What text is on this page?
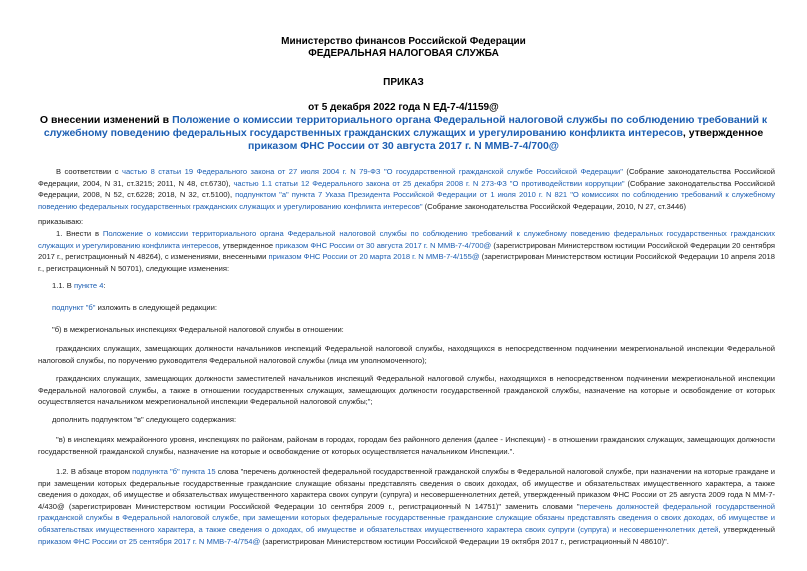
Министерство финансов Российской Федерации
ФЕДЕРАЛЬНАЯ НАЛОГОВАЯ СЛУЖБА
ПРИКАЗ
от 5 декабря 2022 года N ЕД-7-4/1159@
О внесении изменений в Положение о комиссии территориального органа Федеральной налоговой службы по соблюдению требований к служебному поведению федеральных государственных гражданских служащих и урегулированию конфликта интересов, утвержденное приказом ФНС России от 30 августа 2017 г. N ММВ-7-4/700@
В соответствии с частью 8 статьи 19 Федерального закона от 27 июля 2004 г. N 79-ФЗ "О государственной гражданской службе Российской Федерации" (Собрание законодательства Российской Федерации, 2004, N 31, ст.3215; 2011, N 48, ст.6730), частью 1.1 статьи 12 Федерального закона от 25 декабря 2008 г. N 273-ФЗ "О противодействии коррупции" (Собрание законодательства Российской Федерации, 2008, N 52, ст.6228; 2018, N 32, ст.5100), подпунктом "а" пункта 7 Указа Президента Российской Федерации от 1 июля 2010 г. N 821 "О комиссиях по соблюдению требований к служебному поведению федеральных государственных гражданских служащих и урегулированию конфликта интересов" (Собрание законодательства Российской Федерации, 2010, N 27, ст.3446)
приказываю:
1. Внести в Положение о комиссии территориального органа Федеральной налоговой службы по соблюдению требований к служебному поведению федеральных государственных гражданских служащих и урегулированию конфликта интересов, утвержденное приказом ФНС России от 30 августа 2017 г. N ММВ-7-4/700@ (зарегистрирован Министерством юстиции Российской Федерации 20 сентября 2017 г., регистрационный N 48264), с изменениями, внесенными приказом ФНС России от 20 марта 2018 г. N ММВ-7-4/155@ (зарегистрирован Министерством юстиции Российской Федерации 10 апреля 2018 г., регистрационный N 50701), следующие изменения:
1.1. В пункте 4:
подпункт "б" изложить в следующей редакции:
"б) в межрегиональных инспекциях Федеральной налоговой службы в отношении:
гражданских служащих, замещающих должности начальников инспекций Федеральной налоговой службы, находящихся в непосредственном подчинении межрегиональной инспекции Федеральной налоговой службы, по поручению руководителя Федеральной налоговой службы (лица им уполномоченного);
гражданских служащих, замещающих должности заместителей начальников инспекций Федеральной налоговой службы, находящихся в непосредственном подчинении межрегиональной инспекции Федеральной налоговой службы, а также в отношении государственных служащих, замещающих должности государственной гражданской службы, назначение на которые и освобождение от которых осуществляется начальником межрегиональной инспекции Федеральной налоговой службы;";
дополнить подпунктом "в" следующего содержания:
"в) в инспекциях межрайонного уровня, инспекциях по районам, районам в городах, городам без районного деления (далее - Инспекции) - в отношении гражданских служащих, замещающих должности государственной гражданской службы, назначение на которые и освобождение от которых осуществляется начальником Инспекции.".
1.2. В абзаце втором подпункта "б" пункта 15 слова "перечень должностей федеральной государственной гражданской службы в Федеральной налоговой службе, при назначении на которые граждане и при замещении которых федеральные государственные гражданские служащие обязаны представлять сведения о своих доходах, об имуществе и обязательствах имущественного характера, а также сведения о доходах, об имуществе и обязательствах имущественного характера своих супруги (супруга) и несовершеннолетних детей, утвержденный приказом ФНС России от 25 августа 2009 года N ММ-7-4/430@ (зарегистрирован Министерством юстиции Российской Федерации 10 сентября 2009 г., регистрационный N 14751)" заменить словами "перечень должностей федеральной государственной гражданской службы в Федеральной налоговой службе, при замещении которых федеральные государственные гражданские служащие обязаны представлять сведения о своих доходах, об имуществе и обязательствах имущественного характера, а также сведения о доходах, об имуществе и обязательствах имущественного характера своих супруги (супруга) и несовершеннолетних детей, утвержденный приказом ФНС России от 25 сентября 2017 г. N ММВ-7-4/754@ (зарегистрирован Министерством юстиции Российской Федерации 19 октября 2017 г., регистрационный N 48610)".
